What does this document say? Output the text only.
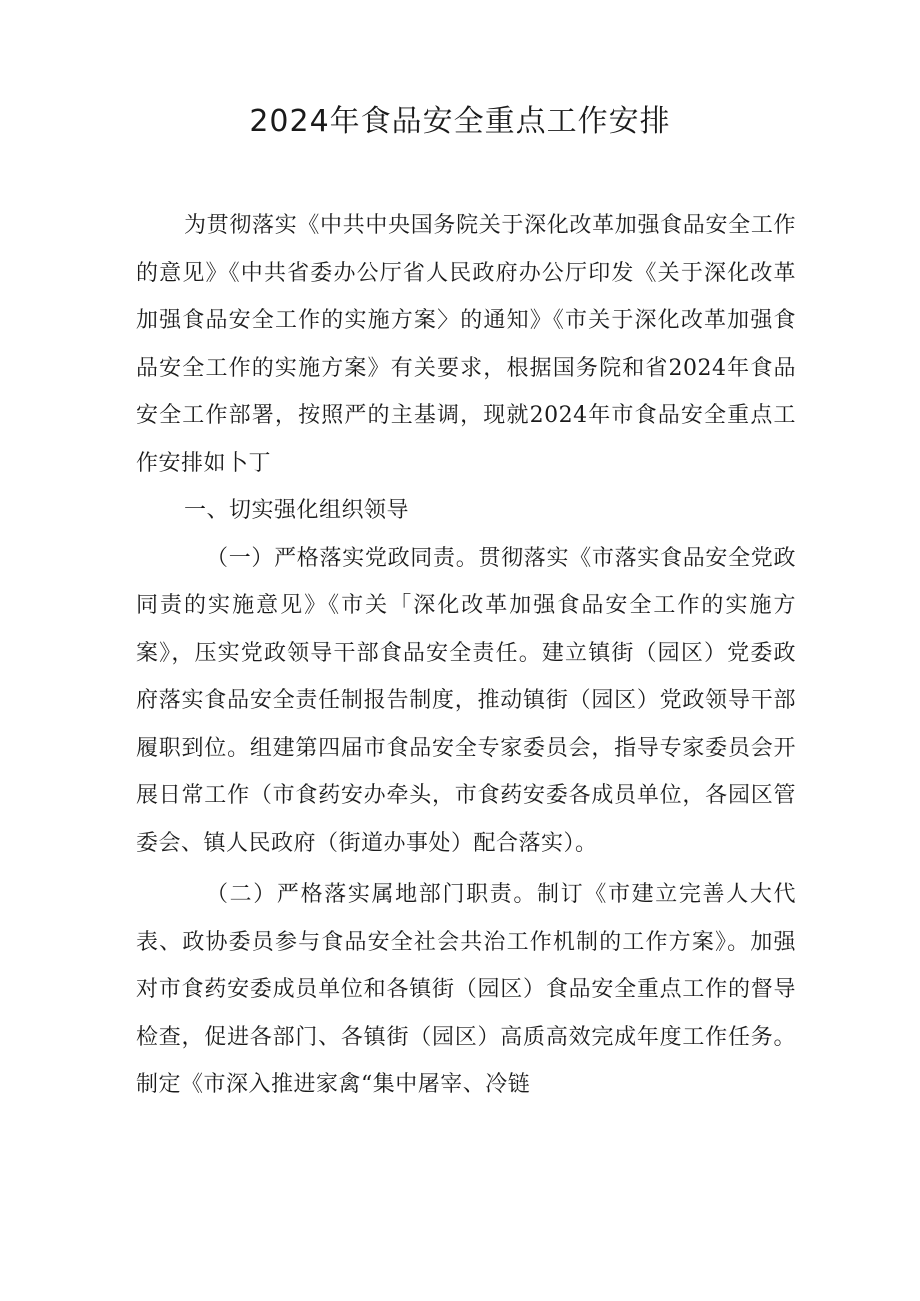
2024年食品安全重点工作安排

为贯彻落实《中共中央国务院关于深化改革加强食品安全工作的意见》《中共省委办公厅省人民政府办公厅印发《关于深化改革加强食品安全工作的实施方案〉的通知》《市关于深化改革加强食品安全工作的实施方案》有关要求，根据国务院和省2024年食品安全工作部署，按照严的主基调，现就2024年市食品安全重点工作安排如卜丁

一、切实强化组织领导

（一）严格落实党政同责。贯彻落实《市落实食品安全党政同责的实施意见》《市关「深化改革加强食品安全工作的实施方案》，压实党政领导干部食品安全责任。建立镇街（园区）党委政府落实食品安全责任制报告制度，推动镇街（园区）党政领导干部履职到位。组建第四届市食品安全专家委员会，指导专家委员会开展日常工作（市食药安办牵头，市食药安委各成员单位，各园区管委会、镇人民政府（街道办事处）配合落实）。

（二）严格落实属地部门职责。制订《市建立完善人大代表、政协委员参与食品安全社会共治工作机制的工作方案》。加强对市食药安委成员单位和各镇街（园区）食品安全重点工作的督导检查，促进各部门、各镇街（园区）高质高效完成年度工作任务。制定《市深入推进家禽“集中屠宰、冷链
